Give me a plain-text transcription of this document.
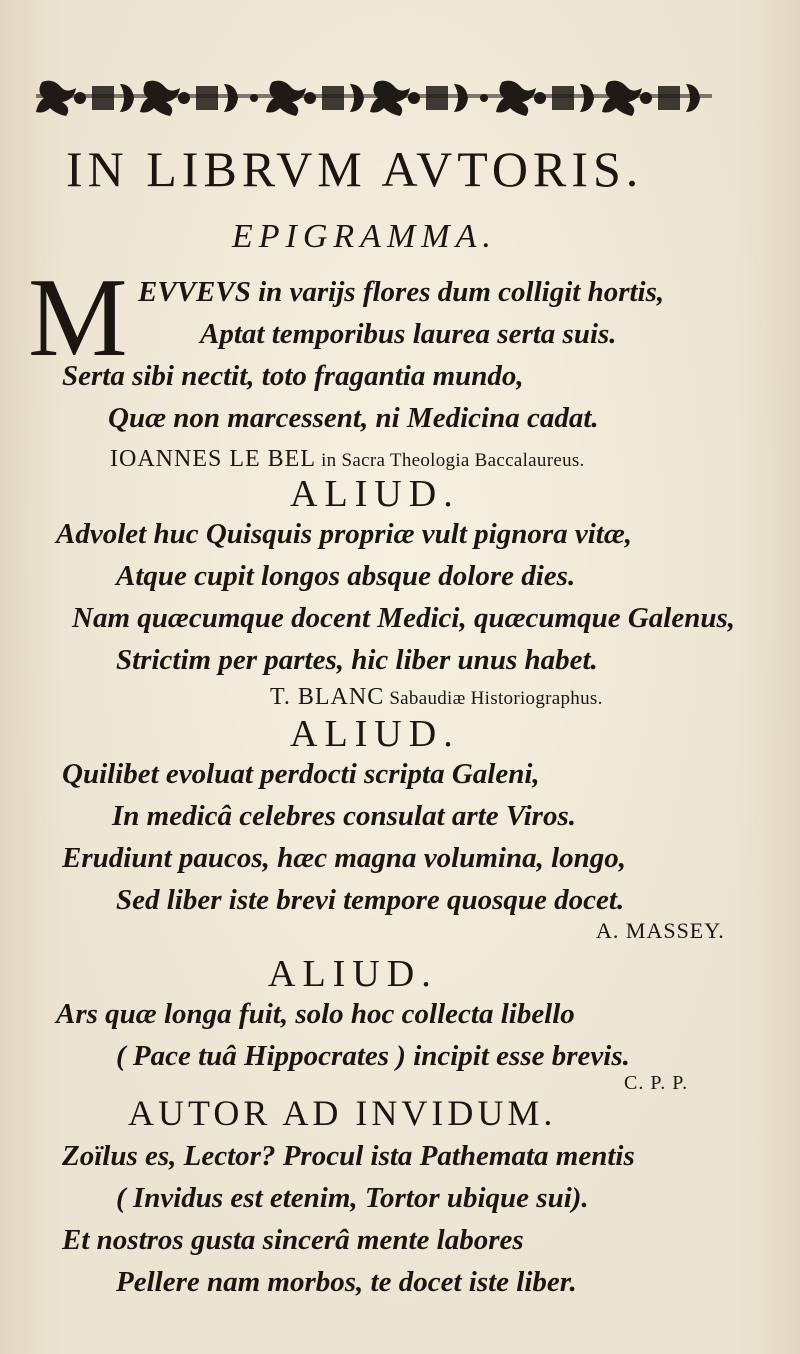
IN LIBRVM AVTORIS.
EPIGRAMMA.
M EVVEVS in varijs flores dum colligit hortis,
Aptat temporibus laurea serta suis.
Serta sibi nectit, toto fragantia mundo,
Quæ non marcessent, ni Medicina cadat.
IOANNES LE BEL in Sacra Theologia Baccalaureus.
ALIUD.
Advolet huc Quisquis propriæ vult pignora vitæ,
Atque cupit longos absque dolore dies.
Nam quæcumque docent Medici, quæcumque Galenus,
Strictim per partes, hic liber unus habet.
T. BLANC Sabaudiæ Historiographus.
ALIUD.
Quilibet evoluat perdocti scripta Galeni,
In medicâ celebres consulat arte Viros.
Erudiunt paucos, hæc magna volumina, longo,
Sed liber iste brevi tempore quosque docet.
A. MASSEY.
ALIUD.
Ars quæ longa fuit, solo hoc collecta libello
( Pace tuâ Hippocrates ) incipit esse brevis.
C. P. P.
AUTOR AD INVIDUM.
Zoïlus es, Lector? Procul ista Pathemata mentis
( Invidus est etenim, Tortor ubique sui).
Et nostros gusta sincerâ mente labores
Pellere nam morbos, te docet iste liber.
